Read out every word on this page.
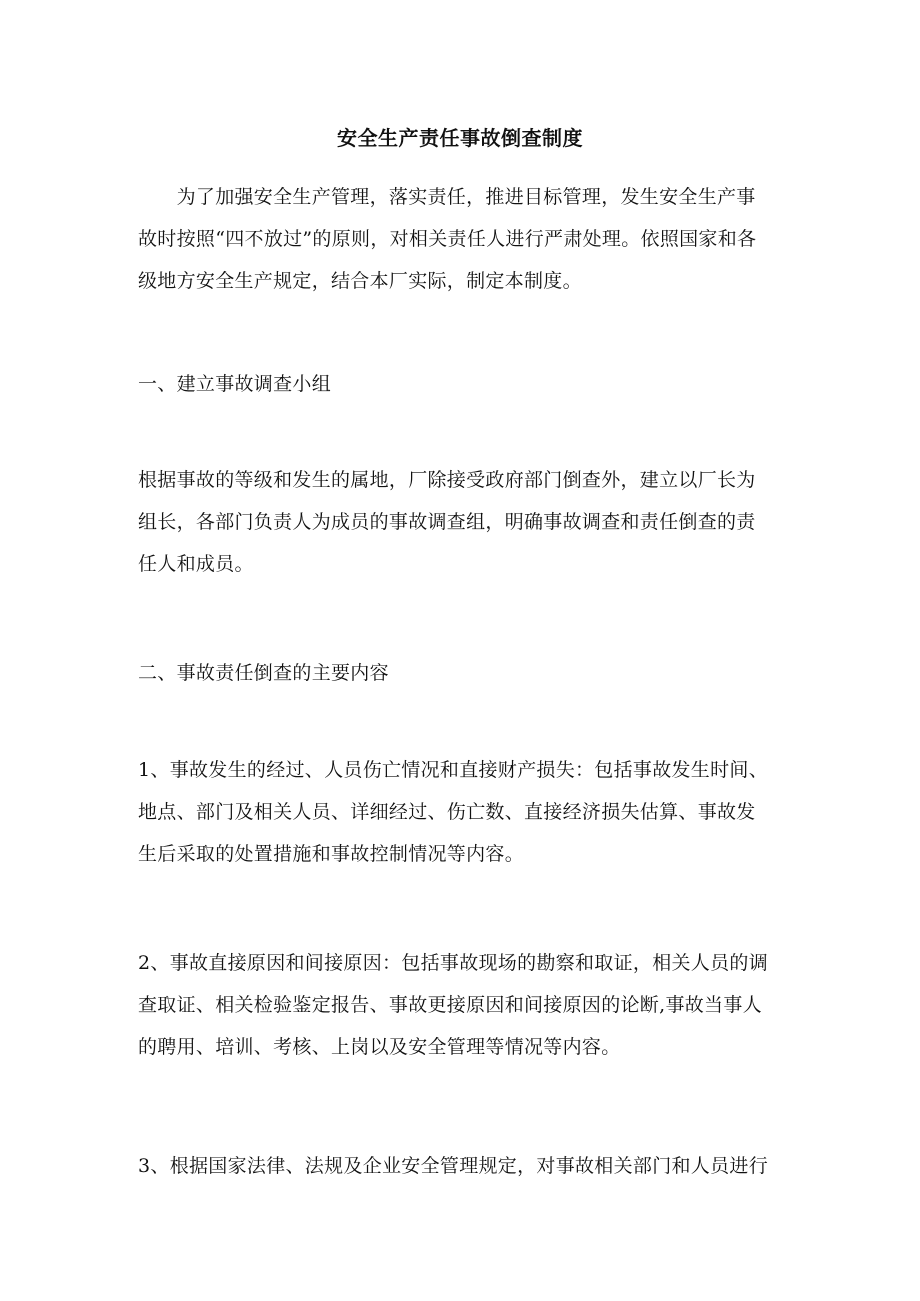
安全生产责任事故倒查制度
　　为了加强安全生产管理，落实责任，推进目标管理，发生安全生产事
故时按照“四不放过”的原则，对相关责任人进行严肃处理。依照国家和各
级地方安全生产规定，结合本厂实际，制定本制度。
一、建立事故调查小组
根据事故的等级和发生的属地，厂除接受政府部门倒查外，建立以厂长为
组长，各部门负责人为成员的事故调查组，明确事故调查和责任倒查的责
任人和成员。
二、事故责任倒查的主要内容
1、事故发生的经过、人员伤亡情况和直接财产损失：包括事故发生时间、
地点、部门及相关人员、详细经过、伤亡数、直接经济损失估算、事故发
生后采取的处置措施和事故控制情况等内容。
2、事故直接原因和间接原因：包括事故现场的勘察和取证，相关人员的调
查取证、相关检验鉴定报告、事故更接原因和间接原因的论断,事故当事人
的聘用、培训、考核、上岗以及安全管理等情况等内容。
3、根据国家法律、法规及企业安全管理规定，对事故相关部门和人员进行
